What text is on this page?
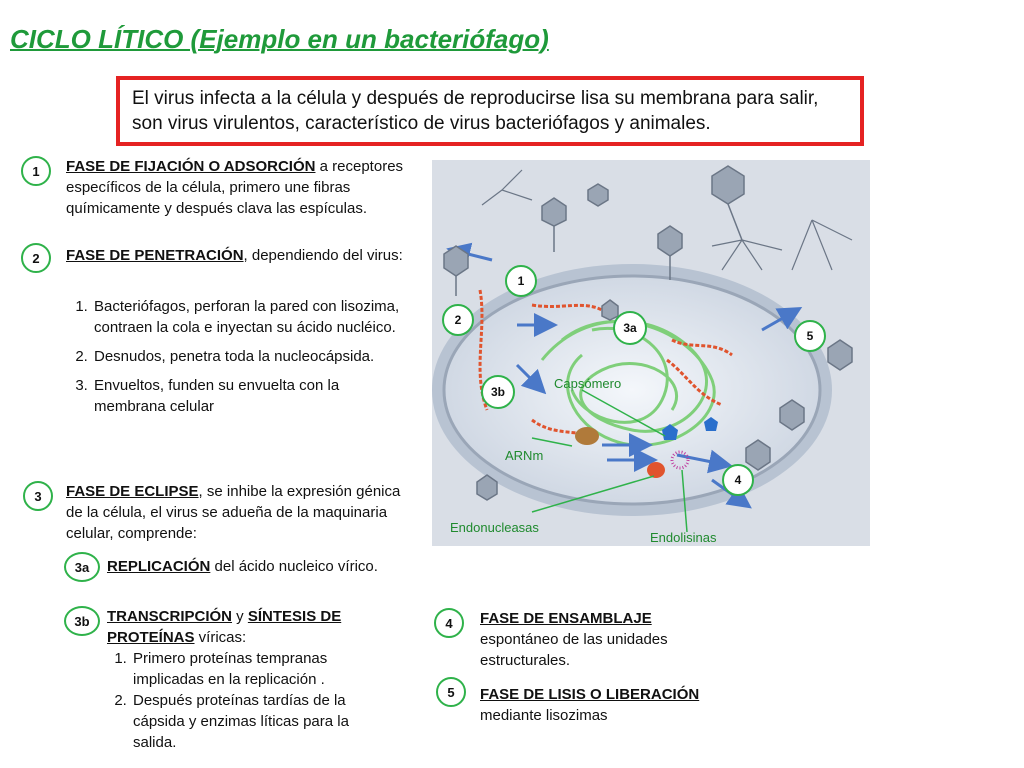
CICLO LÍTICO (Ejemplo en un bacteriófago)
El virus infecta a la célula y después de reproducirse lisa su membrana para salir, son virus virulentos, característico de virus bacteriófagos y animales.
1	FASE DE FIJACIÓN O ADSORCIÓN a receptores específicos de la célula, primero une fibras químicamente y después clava las espículas.
2	FASE DE PENETRACIÓN, dependiendo del virus:
1. Bacteriófagos, perforan la pared con lisozima, contraen la cola e inyectan su ácido nucléico.
2. Desnudos, penetra toda la nucleocápsida.
3. Envueltos, funden su envuelta con la membrana celular
3	FASE DE ECLIPSE, se inhibe la expresión génica de la célula, el virus se adueña de la maquinaria celular, comprende:
3a	REPLICACIÓN del ácido nucleico vírico.
3b	TRANSCRIPCIÓN y SÍNTESIS DE PROTEÍNAS víricas:
1. Primero proteínas tempranas implicadas en la replicación .
2. Después proteínas tardías de la cápsida y enzimas líticas para la salida.
4	FASE DE ENSAMBLAJE
espontáneo de las unidades estructurales.
5	FASE DE LISIS O LIBERACIÓN mediante lisozimas
Capsómero
ARNm
Endonucleasas
Endolisinas
1
2
3a
3b
4
5
